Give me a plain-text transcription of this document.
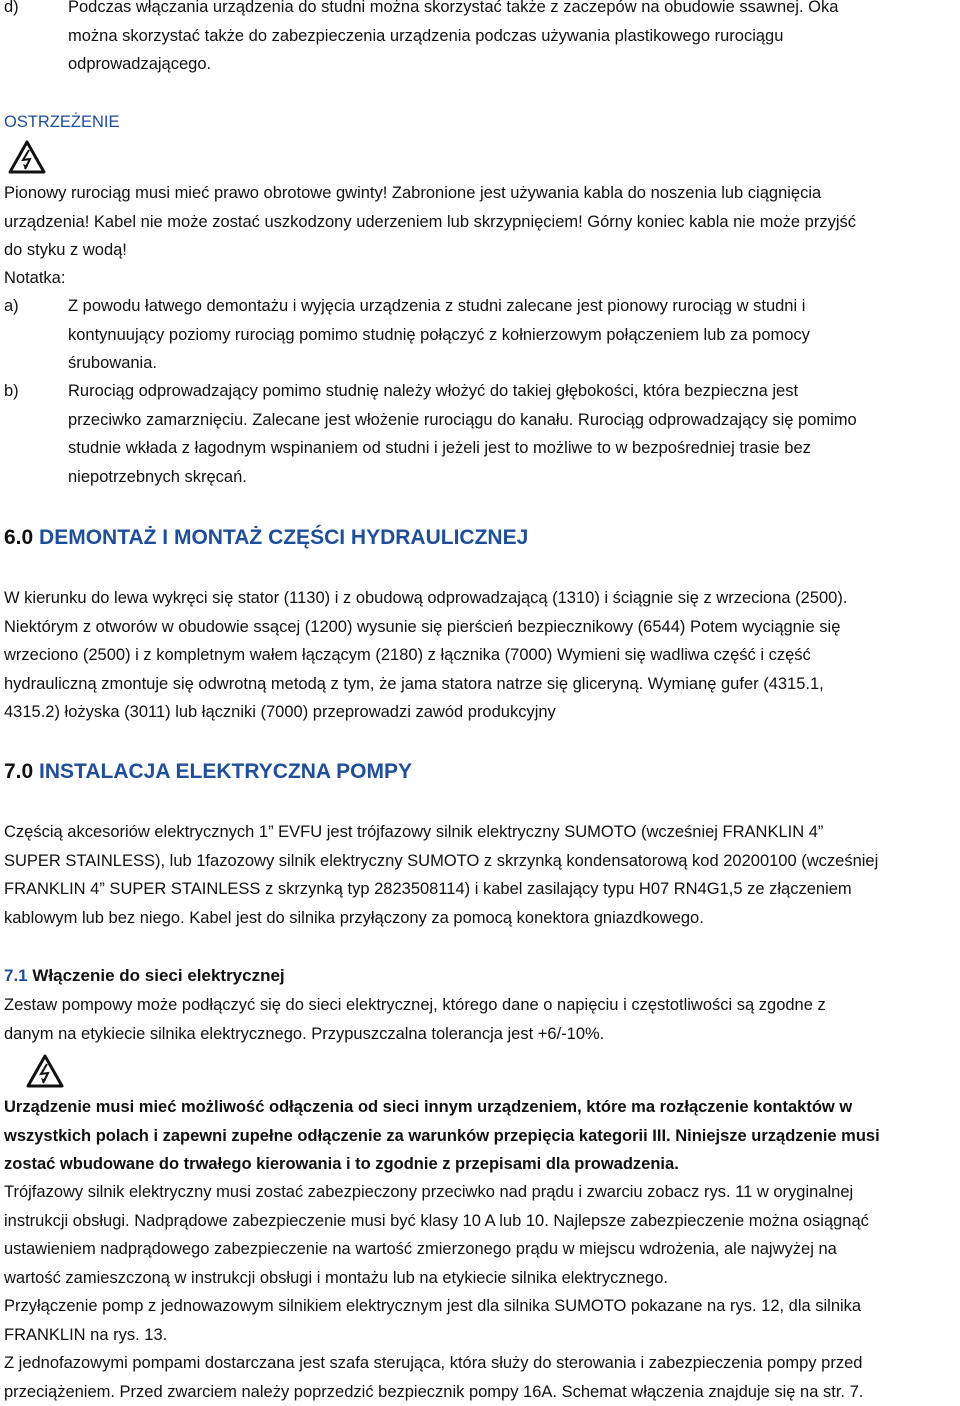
d)	Podczas włączania urządzenia do studni można skorzystać także z zaczepów na obudowie ssawnej. Oka
można skorzystać także do zabezpieczenia urządzenia podczas używania plastikowego rurociągu
odprowadzającego.

OSTRZEŻENIE

Pionowy rurociąg musi mieć prawo obrotowe gwinty! Zabronione jest używania kabla do noszenia lub ciągnięcia
urządzenia! Kabel nie może zostać uszkodzony uderzeniem lub skrzypnięciem! Górny koniec kabla nie może przyjść
do styku z wodą!

Notatka:

a)	Z powodu łatwego demontażu i wyjęcia urządzenia z studni zalecane jest pionowy rurociąg w studni i
kontynuujący poziomy rurociąg pomimo studnię połączyć z kołnierzowym połączeniem lub za pomocy
śrubowania.
b)	Rurociąg odprowadzający pomimo studnię należy włożyć do takiej głębokości, która bezpieczna jest
przeciwko zamarznięciu. Zalecane jest włożenie rurociągu do kanału. Rurociąg odprowadzający się pomimo
studnie wkłada z łagodnym wspinaniem od studni i jeżeli jest to możliwe to w bezpośredniej trasie bez
niepotrzebnych skręcań.
6.0 DEMONTAŻ I MONTAŻ CZĘŚCI HYDRAULICZNEJ
W kierunku do lewa wykręci się stator (1130) i z obudową odprowadzającą (1310) i ściągnie się z wrzeciona (2500).
Niektórym z otworów w obudowie ssącej (1200) wysunie się pierścień bezpiecznikowy (6544) Potem wyciągnie się
wrzeciono (2500) i z kompletnym wałem łączącym (2180) z łącznika (7000) Wymieni się wadliwa część i część
hydrauliczną zmontuje się odwrotną metodą z tym, że jama statora natrze się gliceryną. Wymianę gufer (4315.1,
4315.2) łożyska (3011) lub łączniki (7000) przeprowadzi zawód produkcyjny
7.0 INSTALACJA ELEKTRYCZNA POMPY
Częścią akcesoriów elektrycznych 1” EVFU jest trójfazowy silnik elektryczny SUMOTO (wcześniej FRANKLIN 4”
SUPER STAINLESS), lub 1fazozowy silnik elektryczny SUMOTO z skrzynką kondensatorową kod 20200100 (wcześniej
FRANKLIN 4” SUPER STAINLESS z skrzynką typ 2823508114) i kabel zasilający typu H07 RN4G1,5 ze złączeniem
kablowym lub bez niego. Kabel jest do silnika przyłączony za pomocą konektora gniazdkowego.
7.1 Włączenie do sieci elektrycznej
Zestaw pompowy może podłączyć się do sieci elektrycznej, którego dane o napięciu i częstotliwości są zgodne z
danym na etykiecie silnika elektrycznego. Przypuszczalna tolerancja jest +6/-10%.
Urządzenie musi mieć możliwość odłączenia od sieci innym urządzeniem, które ma rozłączenie kontaktów w
wszystkich polach i zapewni zupełne odłączenie za warunków przepięcia kategorii III. Niniejsze urządzenie musi
zostać wbudowane do trwałego kierowania i to zgodnie z przepisami dla prowadzenia.
Trójfazowy silnik elektryczny musi zostać zabezpieczony przeciwko nad prądu i zwarciu zobacz rys. 11 w oryginalnej
instrukcji obsługi. Nadprądowe zabezpieczenie musi być klasy 10 A lub 10. Najlepsze zabezpieczenie można osiągnąć
ustawieniem nadprądowego zabezpieczenie na wartość zmierzonego prądu w miejscu wdrożenia, ale najwyżej na
wartość zamieszczoną w instrukcji obsługi i montażu lub na etykiecie silnika elektrycznego.
Przyłączenie pomp z jednowazowym silnikiem elektrycznym jest dla silnika SUMOTO pokazane na rys. 12, dla silnika
FRANKLIN na rys. 13.
Z jednofazowymi pompami dostarczana jest szafa sterująca, która służy do sterowania i zabezpieczenia pompy przed
przeciążeniem. Przed zwarciem należy poprzedzić bezpiecznik pompy 16A. Schemat włączenia znajduje się na str. 7.
